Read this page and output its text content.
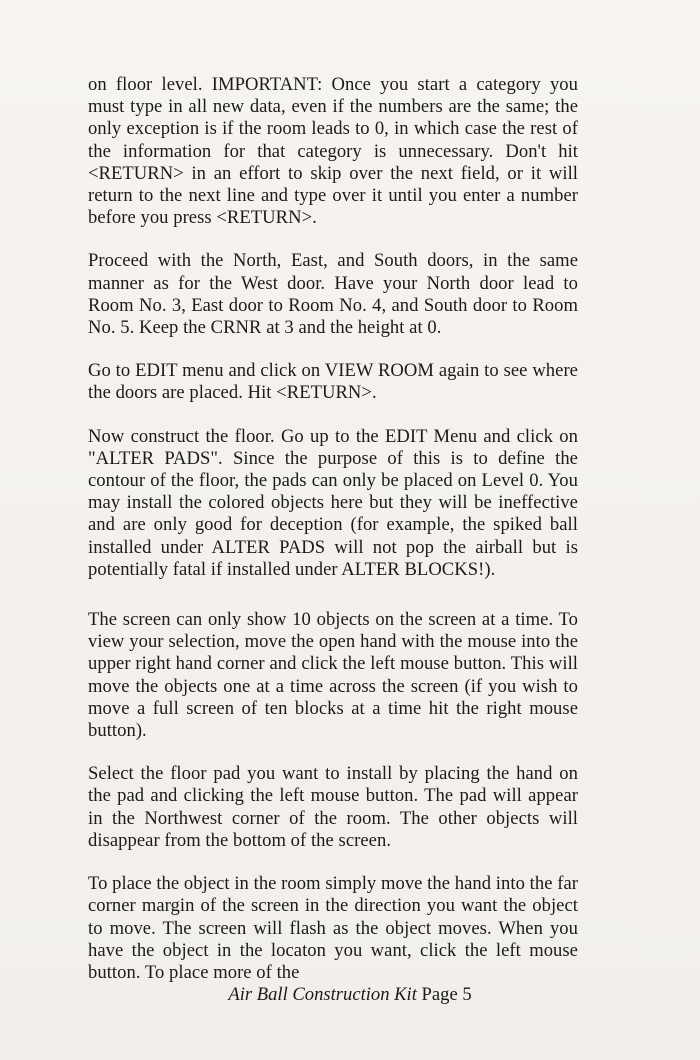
on floor level. IMPORTANT: Once you start a category you must type in all new data, even if the numbers are the same; the only exception is if the room leads to 0, in which case the rest of the information for that category is unnecessary. Don't hit <RETURN> in an effort to skip over the next field, or it will return to the next line and type over it until you enter a number before you press <RETURN>.

Proceed with the North, East, and South doors, in the same manner as for the West door. Have your North door lead to Room No. 3, East door to Room No. 4, and South door to Room No. 5. Keep the CRNR at 3 and the height at 0.

Go to EDIT menu and click on VIEW ROOM again to see where the doors are placed. Hit <RETURN>.

Now construct the floor. Go up to the EDIT Menu and click on "ALTER PADS". Since the purpose of this is to define the contour of the floor, the pads can only be placed on Level 0. You may install the colored objects here but they will be ineffective and are only good for deception (for example, the spiked ball installed under ALTER PADS will not pop the airball but is potentially fatal if installed under ALTER BLOCKS!).

The screen can only show 10 objects on the screen at a time. To view your selection, move the open hand with the mouse into the upper right hand corner and click the left mouse button. This will move the objects one at a time across the screen (if you wish to move a full screen of ten blocks at a time hit the right mouse button).

Select the floor pad you want to install by placing the hand on the pad and clicking the left mouse button. The pad will appear in the Northwest corner of the room. The other objects will disappear from the bottom of the screen.

To place the object in the room simply move the hand into the far corner margin of the screen in the direction you want the object to move. The screen will flash as the object moves. When you have the object in the locaton you want, click the left mouse button. To place more of the

Air Ball Construction Kit Page 5
